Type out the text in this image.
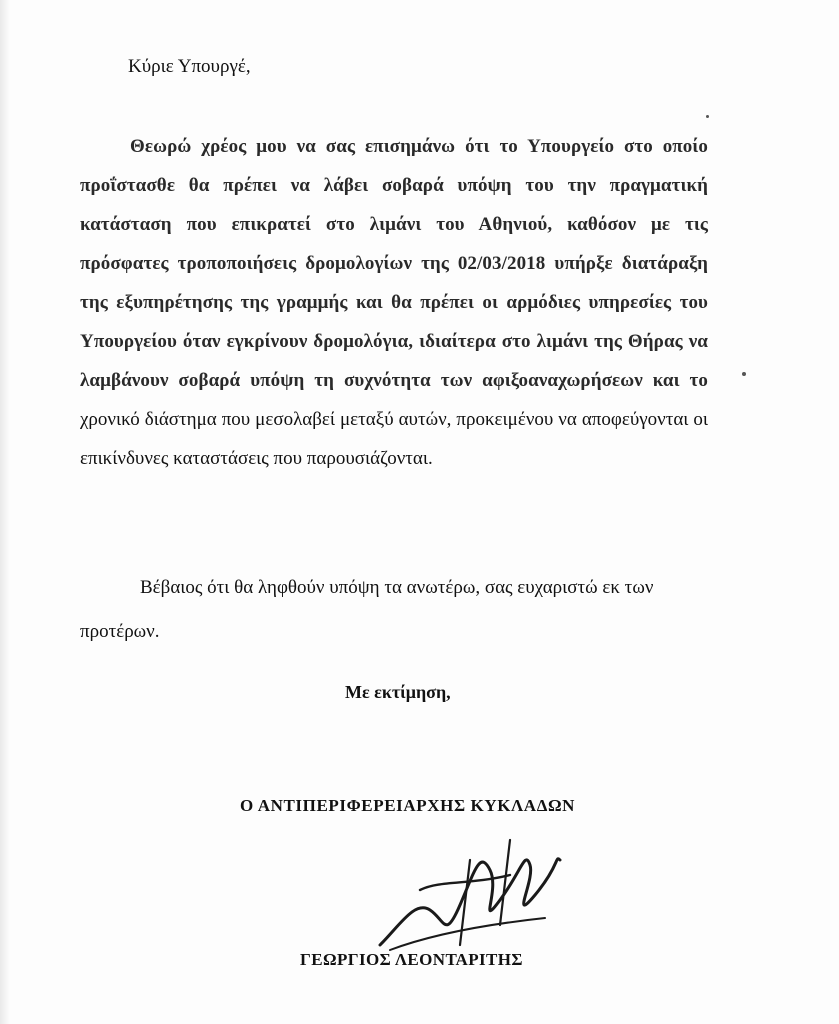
Κύριε Υπουργέ,

Θεωρώ χρέος μου να σας επισημάνω ότι το Υπουργείο στο οποίο προΐστασθε θα πρέπει να λάβει σοβαρά υπόψη του την πραγματική κατάσταση που επικρατεί στο λιμάνι του Αθηνιού, καθόσον με τις πρόσφατες τροποποιήσεις δρομολογίων της 02/03/2018 υπήρξε διατάραξη της εξυπηρέτησης της γραμμής και θα πρέπει οι αρμόδιες υπηρεσίες του Υπουργείου όταν εγκρίνουν δρομολόγια, ιδιαίτερα στο λιμάνι της Θήρας να λαμβάνουν σοβαρά υπόψη τη συχνότητα των αφιξοαναχωρήσεων και το χρονικό διάστημα που μεσολαβεί μεταξύ αυτών, προκειμένου να αποφεύγονται οι επικίνδυνες καταστάσεις που παρουσιάζονται.

Βέβαιος ότι θα ληφθούν υπόψη τα ανωτέρω, σας ευχαριστώ εκ των προτέρων.

Με εκτίμηση,

Ο ΑΝΤΙΠΕΡΙΦΕΡΕΙΑΡΧΗΣ ΚΥΚΛΑΔΩΝ

ΓΕΩΡΓΙΟΣ ΛΕΟΝΤΑΡΙΤΗΣ
